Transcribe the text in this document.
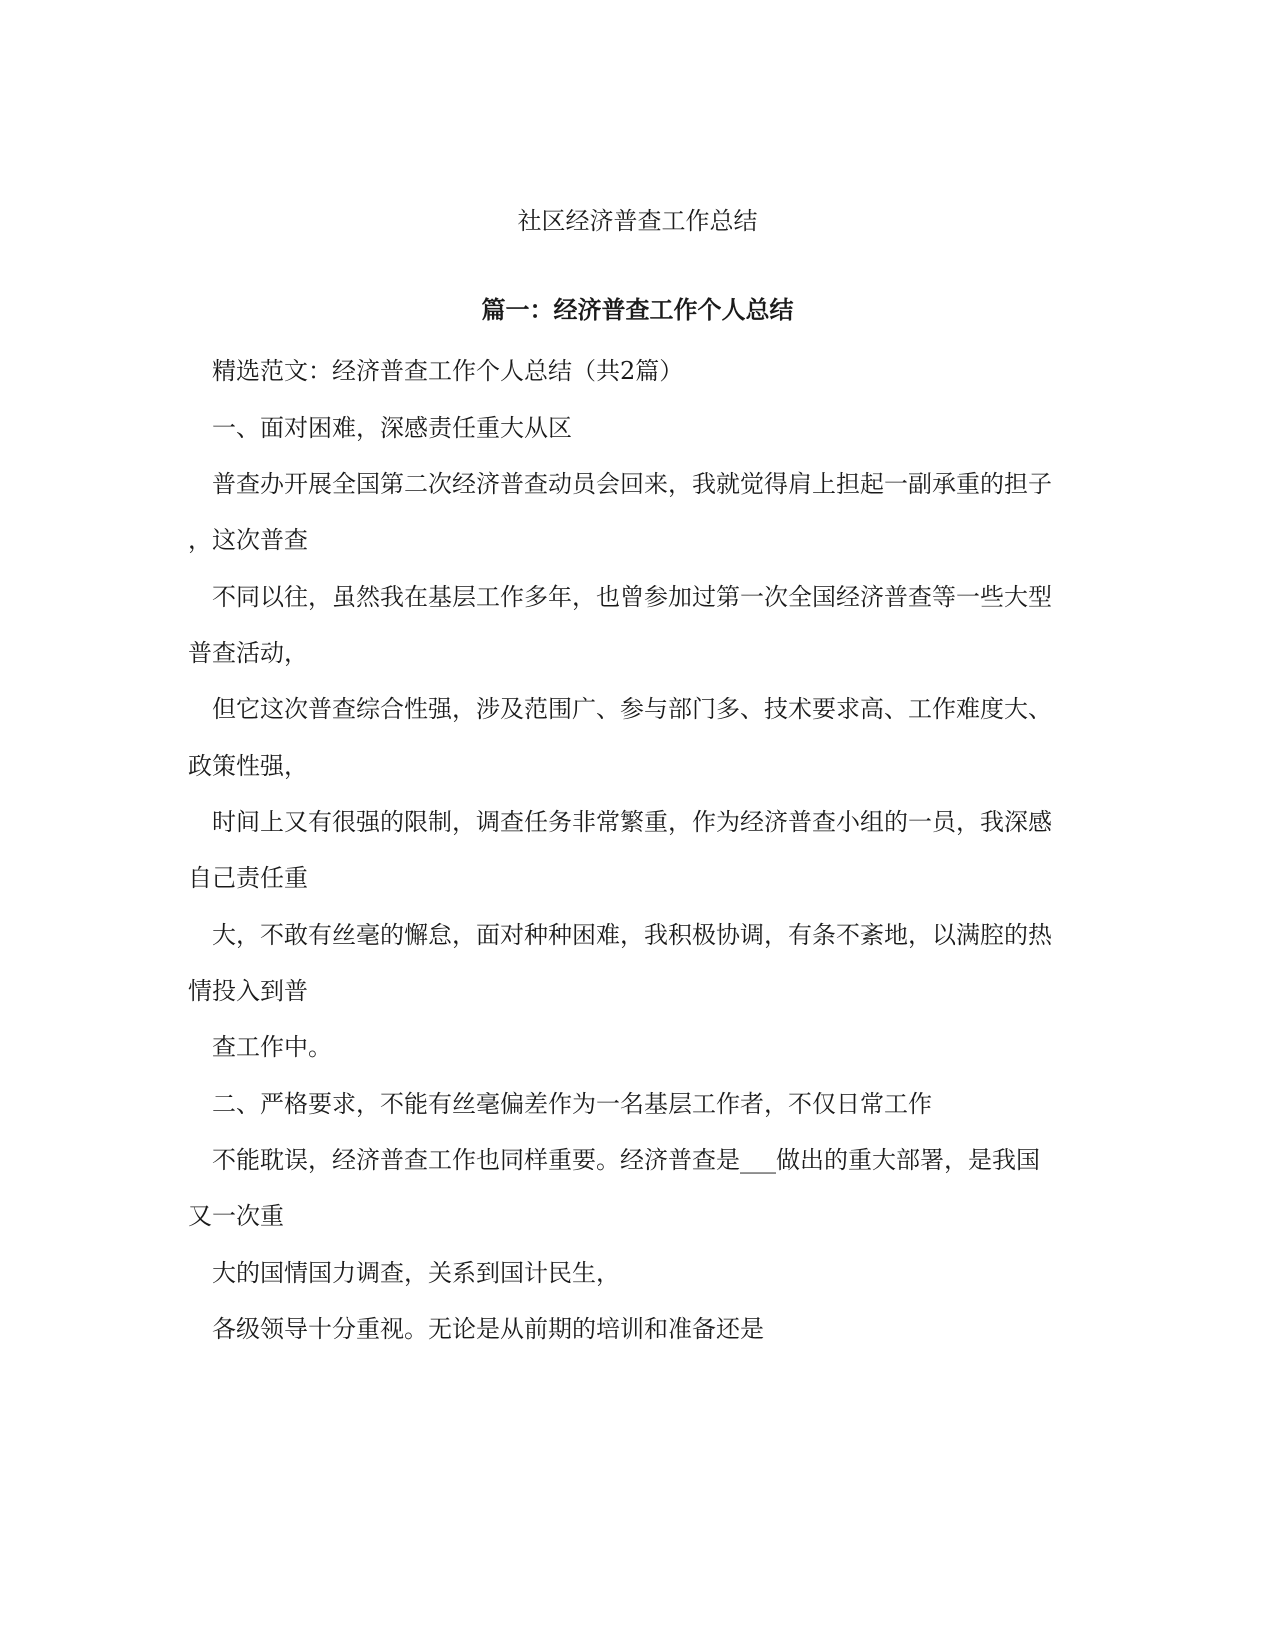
社区经济普查工作总结
篇一：经济普查工作个人总结

精选范文：经济普查工作个人总结（共2篇）

一、面对困难，深感责任重大从区

普查办开展全国第二次经济普查动员会回来，我就觉得肩上担起一副承重的担子

，这次普查

不同以往，虽然我在基层工作多年，也曾参加过第一次全国经济普查等一些大型

普查活动，

但它这次普查综合性强，涉及范围广、参与部门多、技术要求高、工作难度大、

政策性强，

时间上又有很强的限制，调查任务非常繁重，作为经济普查小组的一员，我深感

自己责任重

大，不敢有丝毫的懈怠，面对种种困难，我积极协调，有条不紊地，以满腔的热

情投入到普

查工作中。

二、严格要求，不能有丝毫偏差作为一名基层工作者，不仅日常工作

不能耽误，经济普查工作也同样重要。经济普查是___做出的重大部署，是我国

又一次重

大的国情国力调查，关系到国计民生，

各级领导十分重视。无论是从前期的培训和准备还是
